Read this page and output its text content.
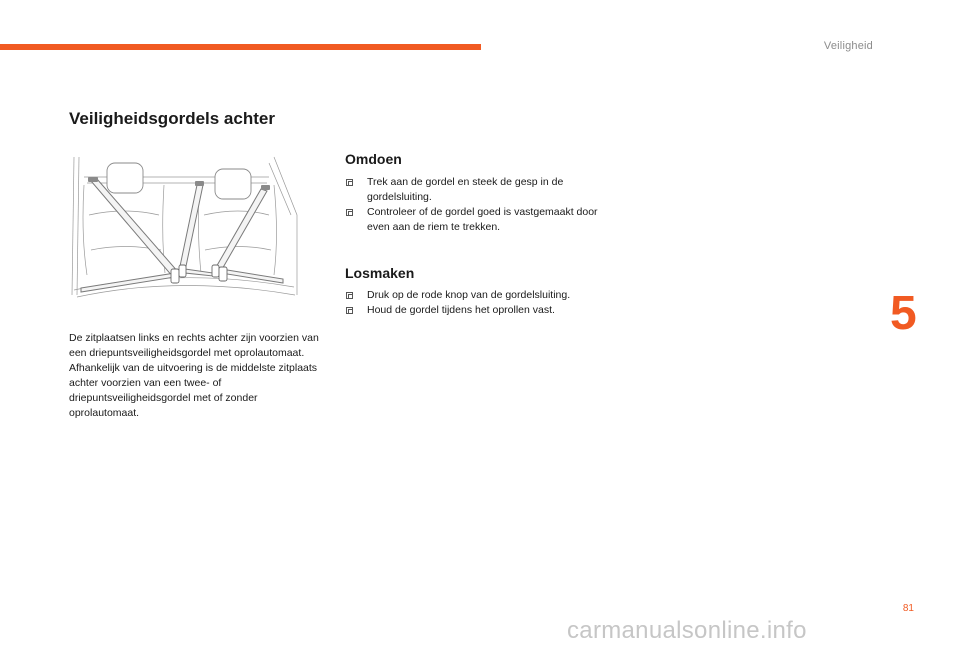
Veiligheid
Veiligheidsgordels achter

De zitplaatsen links en rechts achter zijn voorzien van een driepuntsveiligheidsgordel met oprolautomaat.

Afhankelijk van de uitvoering is de middelste zitplaats achter voorzien van een twee- of driepuntsveiligheidsgordel met of zonder oprolautomaat.

Omdoen
Trek aan de gordel en steek de gesp in de gordelsluiting.
Controleer of de gordel goed is vastgemaakt door even aan de riem te trekken.
Losmaken
Druk op de rode knop van de gordelsluiting.
Houd de gordel tijdens het oprollen vast.	5
81
carmanualsonline.info
